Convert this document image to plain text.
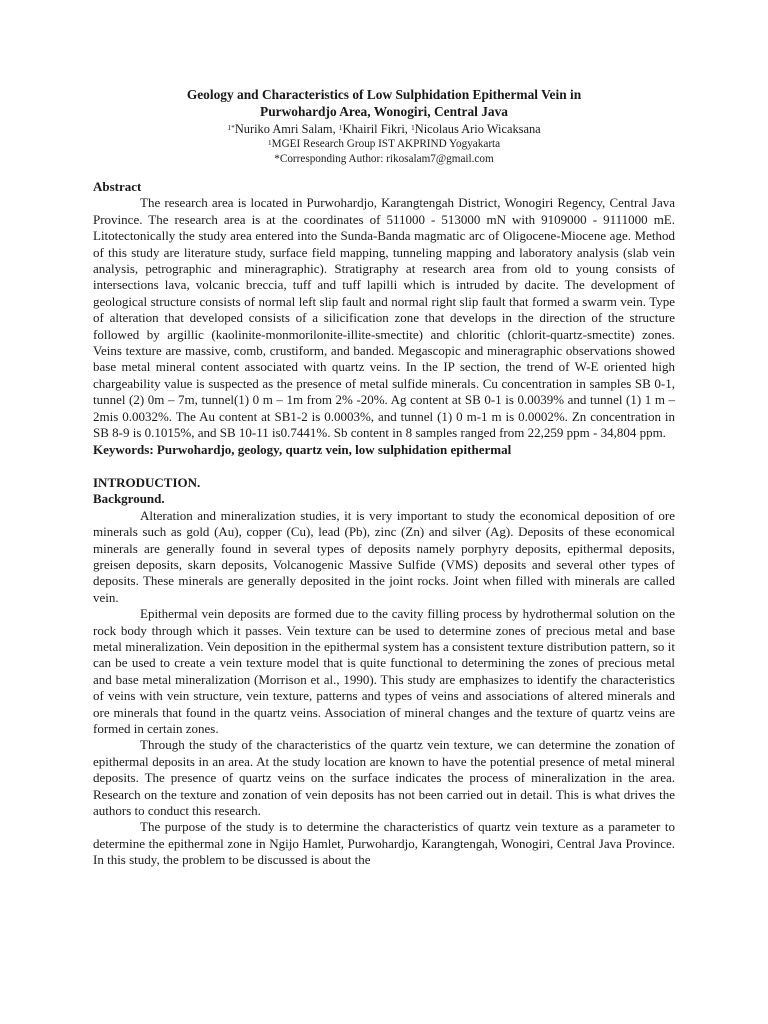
Geology and Characteristics of Low Sulphidation Epithermal Vein in
Purwohardjo Area, Wonogiri, Central Java
$^{1*}$Nuriko Amri Salam, $^1$Khairil Fikri, $^1$Nicolaus Ario Wicaksana
$^1$MGEI Research Group IST AKPRIND Yogyakarta
*Corresponding Author: rikosalam7@gmail.com
Abstract

The research area is located in Purwohardjo, Karangtengah District, Wonogiri Regency, Central Java Province. The research area is at the coordinates of 511000 - 513000 mN with 9109000 - 9111000 mE. Litotectonically the study area entered into the Sunda-Banda magmatic arc of Oligocene-Miocene age. Method of this study are literature study, surface field mapping, tunneling mapping and laboratory analysis (slab vein analysis, petrographic and mineragraphic). Stratigraphy at research area from old to young consists of intersections lava, volcanic breccia, tuff and tuff lapilli which is intruded by dacite. The development of geological structure consists of normal left slip fault and normal right slip fault that formed a swarm vein. Type of alteration that developed consists of a silicification zone that develops in the direction of the structure followed by argillic (kaolinite-monmorilonite-illite-smectite) and chloritic (chlorit-quartz-smectite) zones. Veins texture are massive, comb, crustiform, and banded. Megascopic and mineragraphic observations showed base metal mineral content associated with quartz veins. In the IP section, the trend of W-E oriented high chargeability value is suspected as the presence of metal sulfide minerals. Cu concentration in samples SB 0-1, tunnel (2) 0m – 7m, tunnel(1) 0 m – 1m from 2% -20%. Ag content at SB 0-1 is 0.0039% and tunnel (1) 1 m – 2mis 0.0032%. The Au content at SB1-2 is 0.0003%, and tunnel (1) 0 m-1 m is 0.0002%. Zn concentration in SB 8-9 is 0.1015%, and SB 10-11 is0.7441%. Sb content in 8 samples ranged from 22,259 ppm - 34,804 ppm.

Keywords: Purwohardjo, geology, quartz vein, low sulphidation epithermal
INTRODUCTION.
Background.

Alteration and mineralization studies, it is very important to study the economical deposition of ore minerals such as gold (Au), copper (Cu), lead (Pb), zinc (Zn) and silver (Ag). Deposits of these economical minerals are generally found in several types of deposits namely porphyry deposits, epithermal deposits, greisen deposits, skarn deposits, Volcanogenic Massive Sulfide (VMS) deposits and several other types of deposits. These minerals are generally deposited in the joint rocks. Joint when filled with minerals are called vein.

Epithermal vein deposits are formed due to the cavity filling process by hydrothermal solution on the rock body through which it passes. Vein texture can be used to determine zones of precious metal and base metal mineralization. Vein deposition in the epithermal system has a consistent texture distribution pattern, so it can be used to create a vein texture model that is quite functional to determining the zones of precious metal and base metal mineralization (Morrison et al., 1990). This study are emphasizes to identify the characteristics of veins with vein structure, vein texture, patterns and types of veins and associations of altered minerals and ore minerals that found in the quartz veins. Association of mineral changes and the texture of quartz veins are formed in certain zones.

Through the study of the characteristics of the quartz vein texture, we can determine the zonation of epithermal deposits in an area. At the study location are known to have the potential presence of metal mineral deposits. The presence of quartz veins on the surface indicates the process of mineralization in the area. Research on the texture and zonation of vein deposits has not been carried out in detail. This is what drives the authors to conduct this research.

The purpose of the study is to determine the characteristics of quartz vein texture as a parameter to determine the epithermal zone in Ngijo Hamlet, Purwohardjo, Karangtengah, Wonogiri, Central Java Province. In this study, the problem to be discussed is about the
